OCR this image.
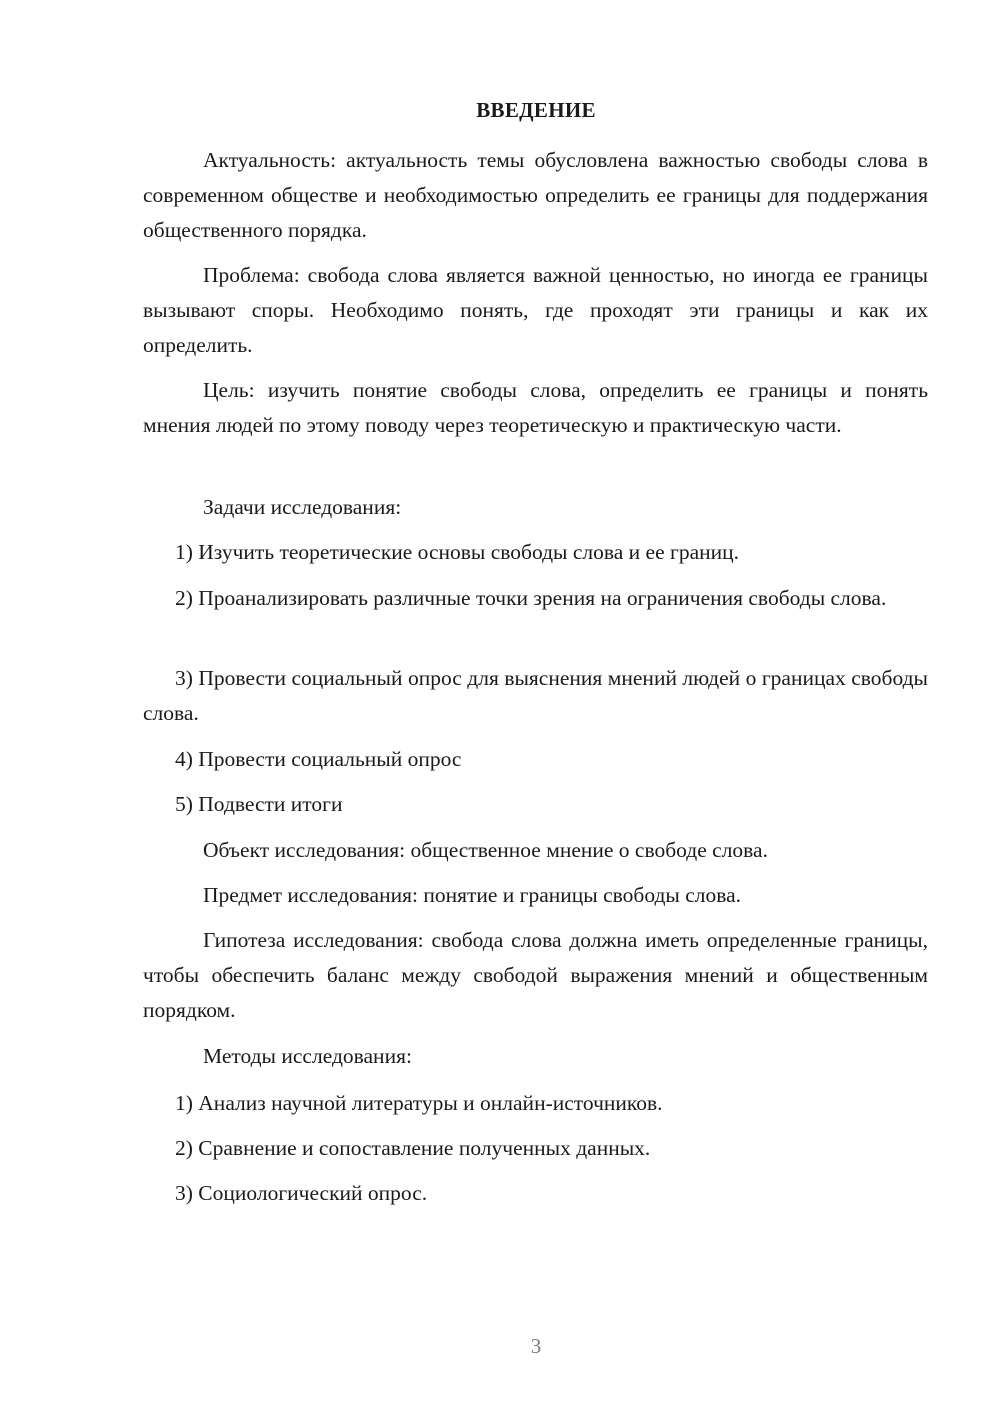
ВВЕДЕНИЕ
Актуальность: актуальность темы обусловлена важностью свободы слова в современном обществе и необходимостью определить ее границы для поддержания общественного порядка.
Проблема: свобода слова является важной ценностью, но иногда ее границы вызывают споры. Необходимо понять, где проходят эти границы и как их определить.
Цель: изучить понятие свободы слова, определить ее границы и понять мнения людей по этому поводу через теоретическую и практическую части.
Задачи исследования:
1) Изучить теоретические основы свободы слова и ее границ.
2) Проанализировать различные точки зрения на ограничения свободы слова.
3) Провести социальный опрос для выяснения мнений людей о границах свободы слова.
4) Провести социальный опрос
5) Подвести итоги
Объект исследования: общественное мнение о свободе слова.
Предмет исследования: понятие и границы свободы слова.
Гипотеза исследования: свобода слова должна иметь определенные границы, чтобы обеспечить баланс между свободой выражения мнений и общественным порядком.
Методы исследования:
1) Анализ научной литературы и онлайн-источников.
2) Сравнение и сопоставление полученных данных.
3) Социологический опрос.
3
